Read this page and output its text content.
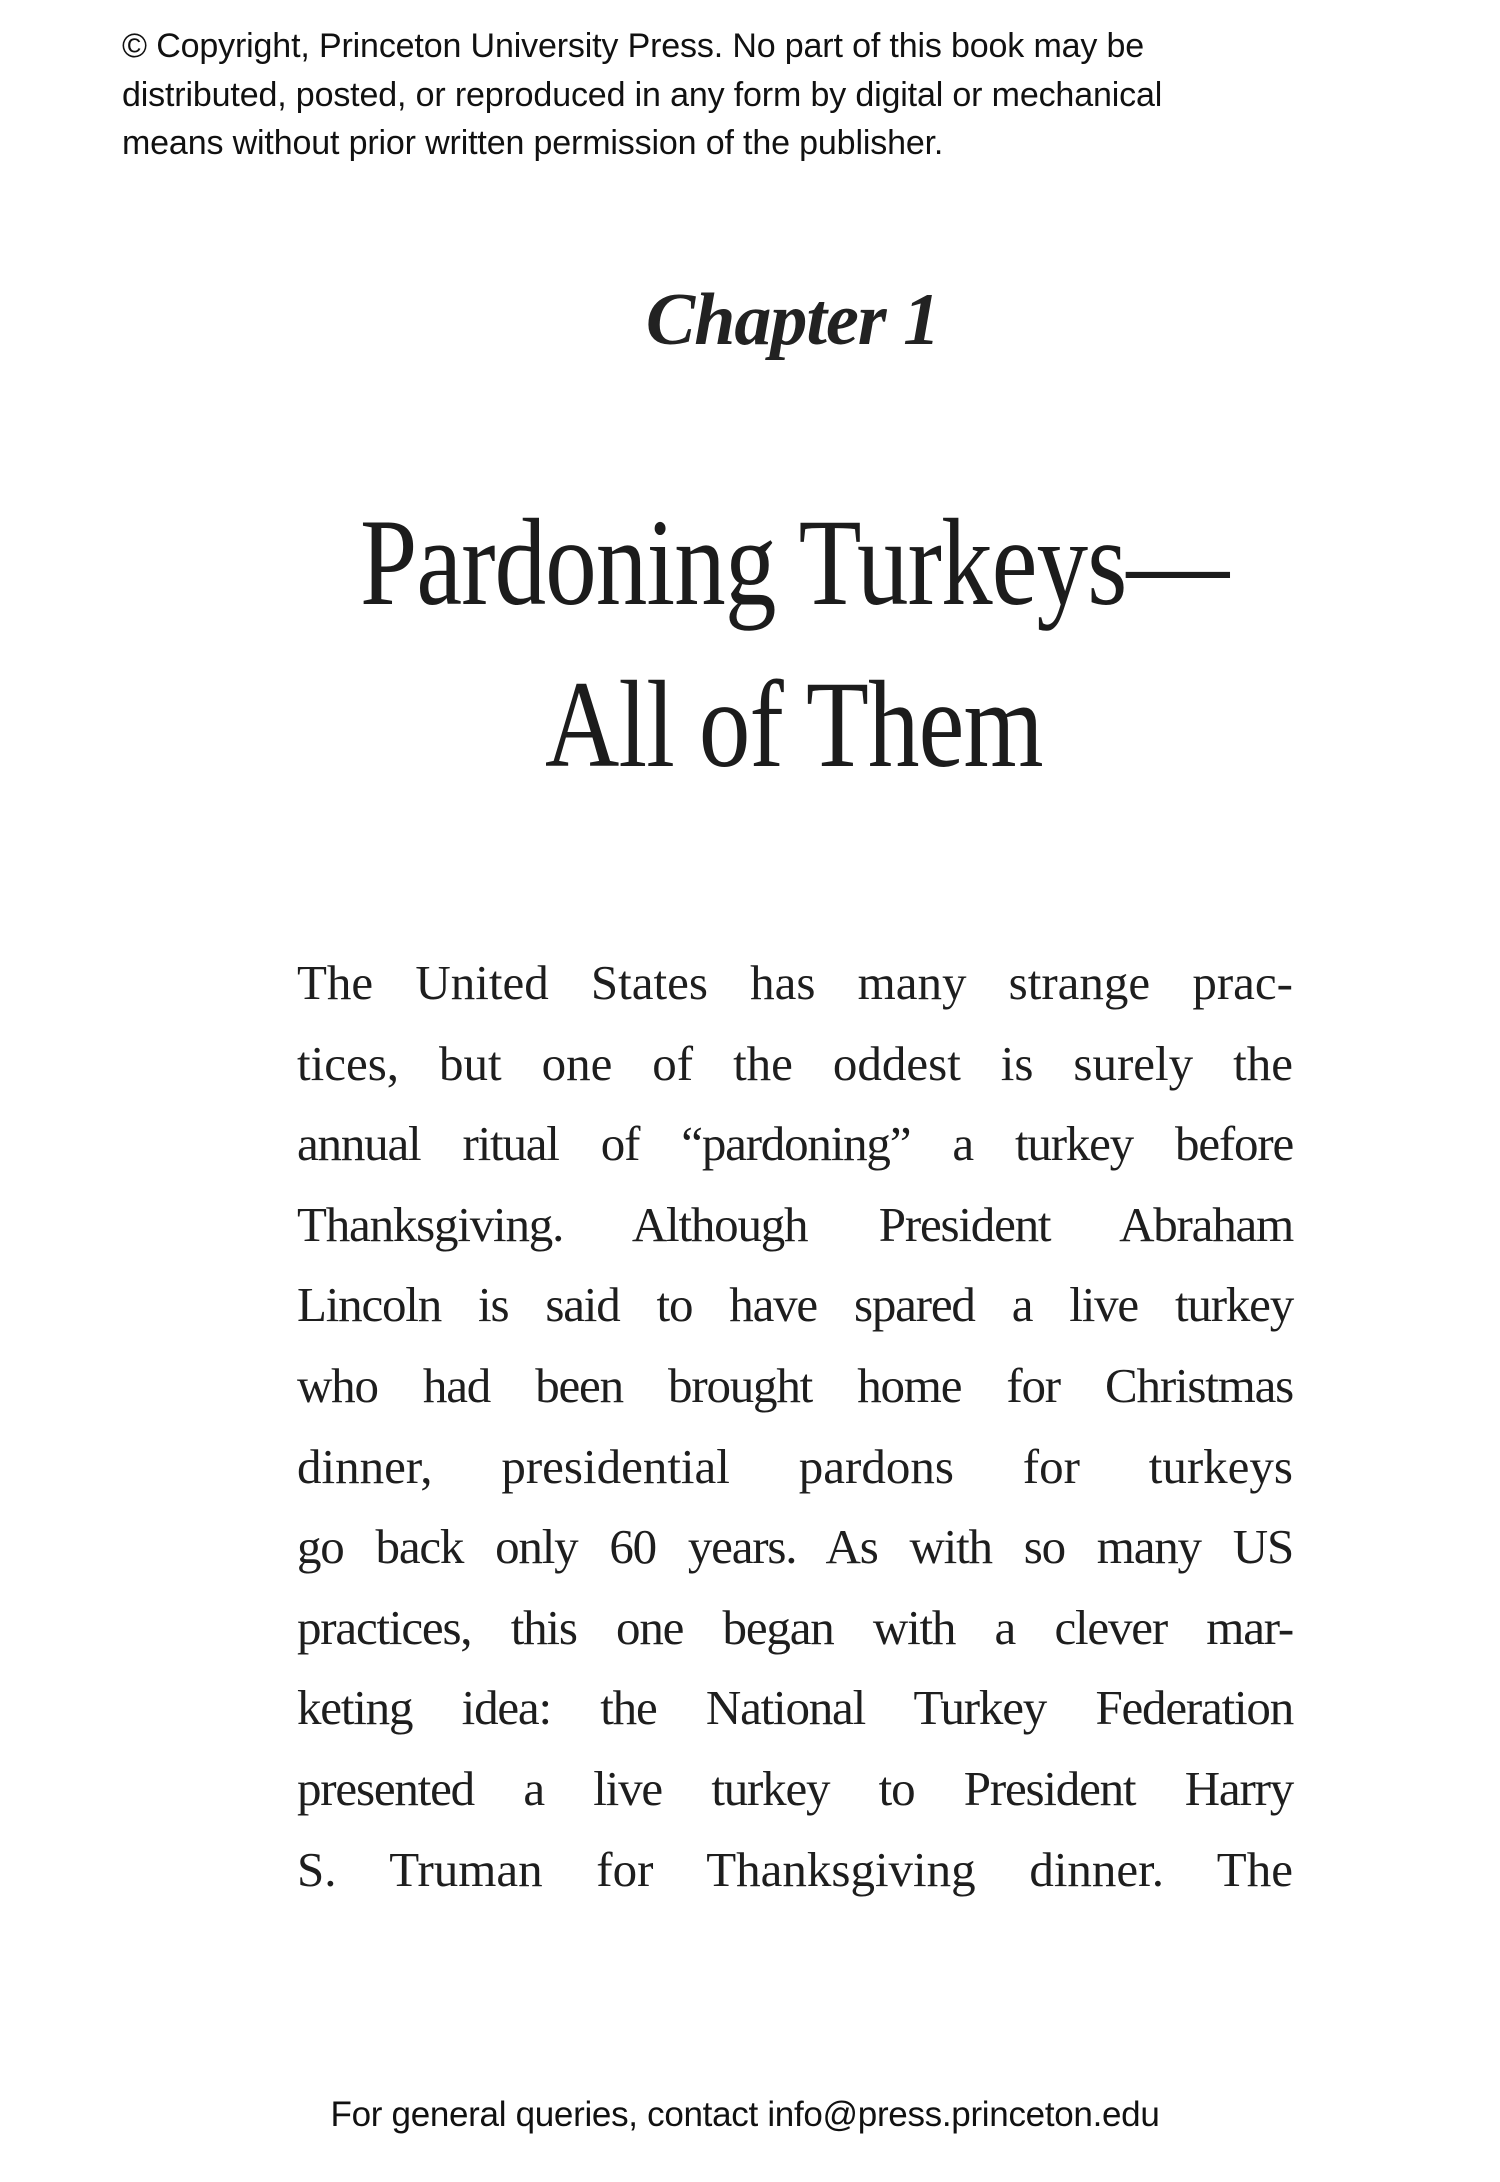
© Copyright, Princeton University Press. No part of this book may be
distributed, posted, or reproduced in any form by digital or mechanical
means without prior written permission of the publisher.
Chapter 1
Pardoning Turkeys—
All of Them
The United States has many strange prac-
tices, but one of the oddest is surely the
annual ritual of “pardoning” a turkey before
Thanksgiving. Although President Abraham
Lincoln is said to have spared a live turkey
who had been brought home for Christmas
dinner, presidential pardons for turkeys
go back only 60 years. As with so many US
practices, this one began with a clever mar-
keting idea: the National Turkey Federation
presented a live turkey to President Harry
S. Truman for Thanksgiving dinner. The
For general queries, contact info@press.princeton.edu
